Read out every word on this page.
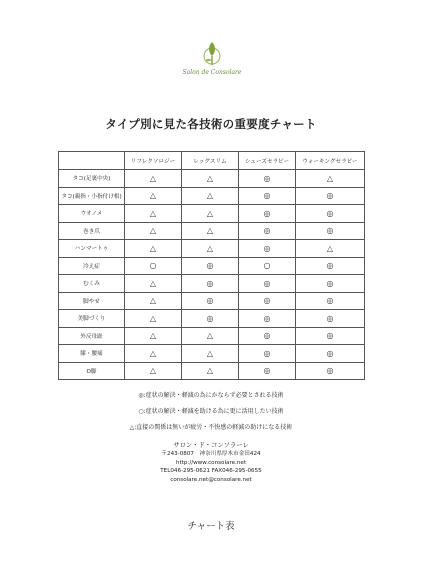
Salon de Consolare
タイプ別に見た各技術の重要度チャート
	リフレクソロジー	レッグスリム	シューズセラピー	ウォーキングセラピー
タコ(足裏中央)	△	△	◎	△
タコ(親指・小指付け根)	△	△	◎	◎
ウオノメ	△	△	◎	◎
巻き爪	△	△	◎	◎
ハンマートゥ	△	△	◎	△
冷え症	○	◎	○	◎
むくみ	△	◎	◎	◎
脚やせ	△	◎	◎	◎
美脚づくり	△	◎	◎	◎
外反母趾	△	△	◎	◎
膝・腰痛	△	△	◎	◎
O脚	△	△	◎	◎
◎:症状の解決・軽減の為にかならず必要とされる技術
○:症状の解決・軽減を助ける為に更に活用したい技術
△:直接の関係は無いが疲労・不快感の軽減の助けになる技術
サロン・ド・コンソラーレ
〒243-0807　神奈川県厚木市金田424
http://www.consolare.net
TEL046-295-0621 FAX046-295-0655
consolare.net@consolare.net
チャート表
